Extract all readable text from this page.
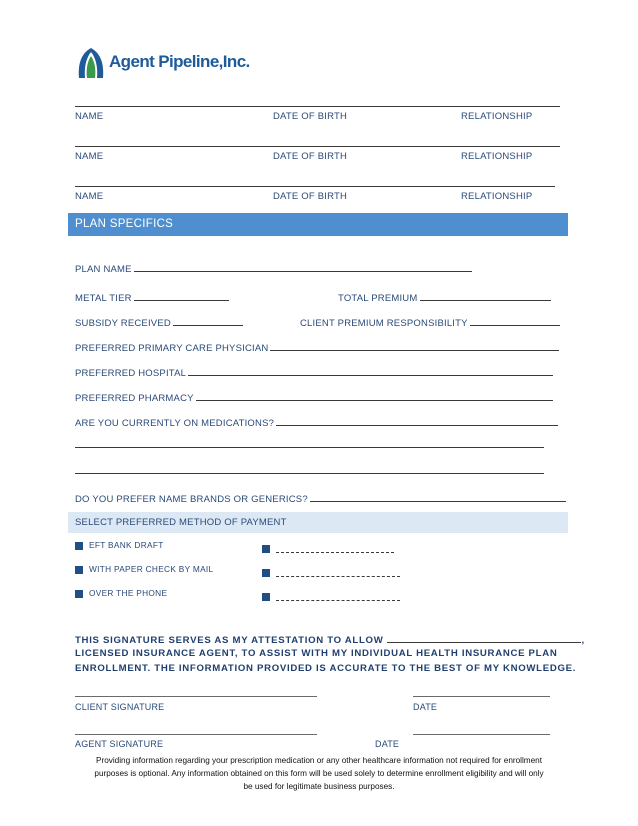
Agent Pipeline,Inc.
NAME	DATE OF BIRTH	RELATIONSHIP
NAME	DATE OF BIRTH	RELATIONSHIP
NAME	DATE OF BIRTH	RELATIONSHIP
PLAN SPECIFICS
PLAN NAME
METAL TIER	TOTAL PREMIUM
SUBSIDY RECEIVED	CLIENT PREMIUM RESPONSIBILITY
PREFERRED PRIMARY CARE PHYSICIAN
PREFERRED HOSPITAL
PREFERRED PHARMACY
ARE YOU CURRENTLY ON MEDICATIONS?
DO YOU PREFER NAME BRANDS OR GENERICS?
SELECT PREFERRED METHOD OF PAYMENT
EFT BANK DRAFT
WITH PAPER CHECK BY MAIL
OVER THE PHONE
THIS SIGNATURE SERVES AS MY ATTESTATION TO ALLOW	,
LICENSED INSURANCE AGENT, TO ASSIST WITH MY INDIVIDUAL HEALTH INSURANCE PLAN
ENROLLMENT. THE INFORMATION PROVIDED IS ACCURATE TO THE BEST OF MY KNOWLEDGE.
CLIENT SIGNATURE	DATE
AGENT SIGNATURE	DATE
Providing information regarding your prescription medication or any other healthcare information not required for enrollment
purposes is optional. Any information obtained on this form will be used solely to determine enrollment eligibility and will only
be used for legitimate business purposes.
